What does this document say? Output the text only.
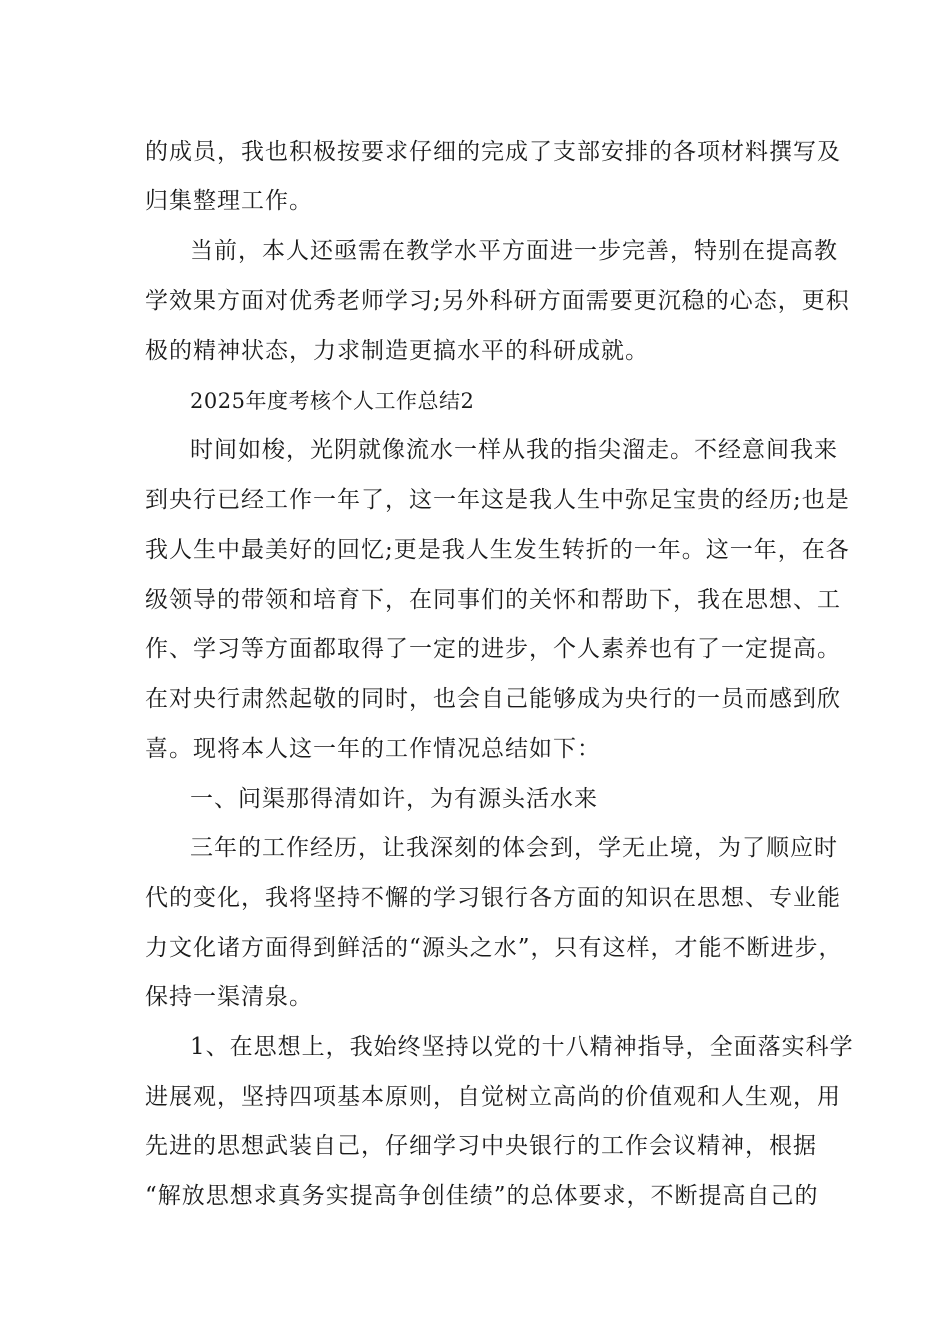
的成员，我也积极按要求仔细的完成了支部安排的各项材料撰写及
归集整理工作。
当前，本人还亟需在教学水平方面进一步完善，特别在提高教
学效果方面对优秀老师学习;另外科研方面需要更沉稳的心态，更积
极的精神状态，力求制造更搞水平的科研成就。
2025年度考核个人工作总结2
时间如梭，光阴就像流水一样从我的指尖溜走。不经意间我来
到央行已经工作一年了，这一年这是我人生中弥足宝贵的经历;也是
我人生中最美好的回忆;更是我人生发生转折的一年。这一年，在各
级领导的带领和培育下，在同事们的关怀和帮助下，我在思想、工
作、学习等方面都取得了一定的进步，个人素养也有了一定提高。
在对央行肃然起敬的同时，也会自己能够成为央行的一员而感到欣
喜。现将本人这一年的工作情况总结如下：
一、问渠那得清如许，为有源头活水来
三年的工作经历，让我深刻的体会到，学无止境，为了顺应时
代的变化，我将坚持不懈的学习银行各方面的知识在思想、专业能
力文化诸方面得到鲜活的“源头之水”，只有这样，才能不断进步，
保持一渠清泉。
1、在思想上，我始终坚持以党的十八精神指导，全面落实科学
进展观，坚持四项基本原则，自觉树立高尚的价值观和人生观，用
先进的思想武装自己，仔细学习中央银行的工作会议精神，根据
“解放思想求真务实提高争创佳绩”的总体要求，不断提高自己的
